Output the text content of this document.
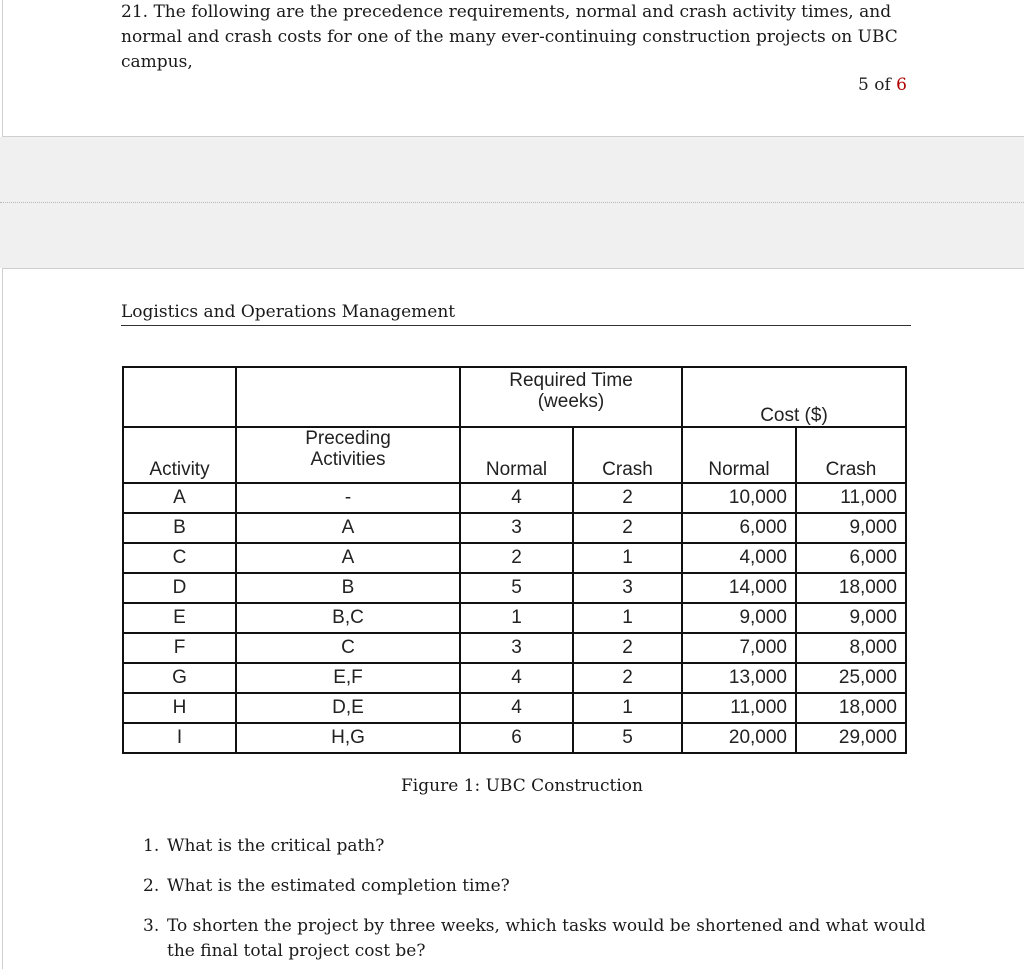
21. The following are the precedence requirements, normal and crash activity times, and normal and crash costs for one of the many ever-continuing construction projects on UBC campus,

5 of 6
Logistics and Operations Management
		Required Time (weeks)		Cost ($)	
Activity	Preceding Activities	Normal	Crash	Normal	Crash
A	-	4	2	10,000	11,000
B	A	3	2	6,000	9,000
C	A	2	1	4,000	6,000
D	B	5	3	14,000	18,000
E	B,C	1	1	9,000	9,000
F	C	3	2	7,000	8,000
G	E,F	4	2	13,000	25,000
H	D,E	4	1	11,000	18,000
I	H,G	6	5	20,000	29,000
Figure 1: UBC Construction
1. What is the critical path?
2. What is the estimated completion time?
3. To shorten the project by three weeks, which tasks would be shortened and what would the final total project cost be?
